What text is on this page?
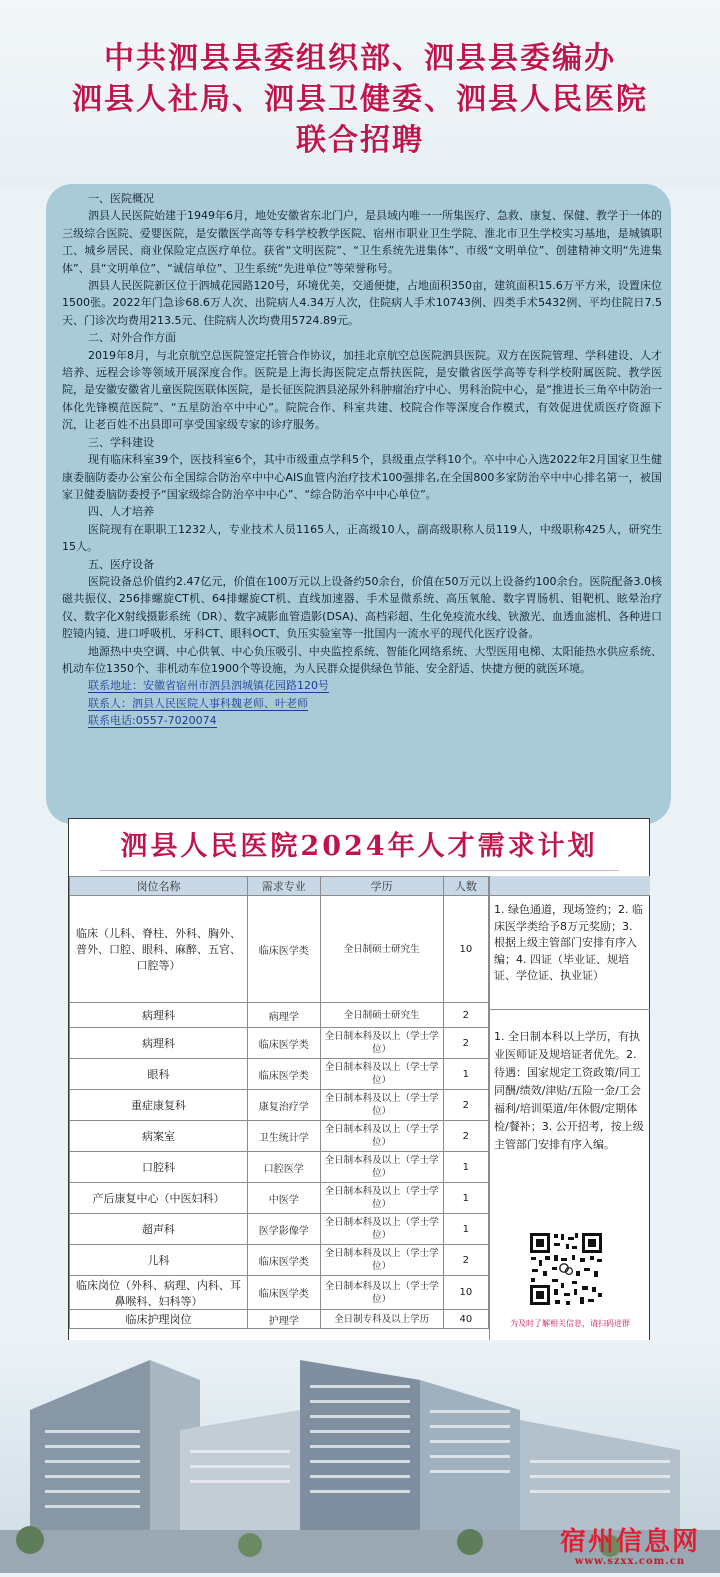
中共泗县县委组织部、泗县县委编办
泗县人社局、泗县卫健委、泗县人民医院
联合招聘

一、医院概况

泗县人民医院始建于1949年6月，地处安徽省东北门户，是县域内唯一一所集医疗、急救、康复、保健、教学于一体的三级综合医院、爱婴医院，是安徽医学高等专科学校教学医院、宿州市职业卫生学院、淮北市卫生学校实习基地，是城镇职工、城乡居民、商业保险定点医疗单位。获省“文明医院”、“卫生系统先进集体”、市级“文明单位”、创建精神文明“先进集体”、县“文明单位”、“诚信单位”、卫生系统“先进单位”等荣誉称号。

泗县人民医院新区位于泗城花园路120号，环境优美，交通便捷，占地面积350亩，建筑面积15.6万平方米，设置床位1500张。2022年门急诊68.6万人次、出院病人4.34万人次，住院病人手术10743例、四类手术5432例、平均住院日7.5天、门诊次均费用213.5元、住院病人次均费用5724.89元。

二、对外合作方面

2019年8月，与北京航空总医院签定托管合作协议，加挂北京航空总医院泗县医院。双方在医院管理、学科建设、人才培养、远程会诊等领域开展深度合作。医院是上海长海医院定点帮扶医院，是安徽省医学高等专科学校附属医院、教学医院，是安徽安徽省儿童医院医联体医院，是长征医院泗县泌尿外科肿瘤治疗中心、男科治院中心，是“推进长三角卒中防治一体化先锋模范医院”、“五星防治卒中中心”。院院合作、科室共建、校院合作等深度合作模式，有效促进优质医疗资源下沉，让老百姓不出县即可享受国家级专家的诊疗服务。

三、学科建设

现有临床科室39个，医技科室6个，其中市级重点学科5个，县级重点学科10个。卒中中心入选2022年2月国家卫生健康委脑防委办公室公布全国综合防治卒中中心AIS血管内治疗技术100强排名,在全国800多家防治卒中中心排名第一，被国家卫健委脑防委授予“国家级综合防治卒中中心”、“综合防治卒中中心单位”。

四、人才培养

医院现有在职职工1232人，专业技术人员1165人，正高级10人，副高级职称人员119人，中级职称425人，研究生15人。

五、医疗设备

医院设备总价值约2.47亿元，价值在100万元以上设备约50余台，价值在50万元以上设备约100余台。医院配备3.0核磁共振仪、256排螺旋CT机、64排螺旋CT机、直线加速器、手术显微系统、高压氧舱、数字胃肠机、钼靶机、眩晕治疗仪、数字化X射线摄影系统（DR）、数字减影血管造影(DSA)、高档彩超、生化免疫流水线、钬激光、血透血滤机、各种进口腔镜内镜、进口呼吸机、牙科CT、眼科OCT、负压实验室等一批国内一流水平的现代化医疗设备。

地源热中央空调、中心供氧、中心负压吸引、中央监控系统、智能化网络系统、大型医用电梯、太阳能热水供应系统、机动车位1350个、非机动车位1900个等设施，为人民群众提供绿色节能、安全舒适、快捷方便的就医环境。

联系地址：安徽省宿州市泗县泗城镇花园路120号

联系人：泗县人民医院人事科魏老师、叶老师

联系电话:0557-7020074

泗县人民医院2024年人才需求计划
岗位名称	需求专业	学历	人数
临床（儿科、脊柱、外科、胸外、普外、口腔、眼科、麻醉、五官、口腔等）	临床医学类	全日制硕士研究生	10
病理科	病理学	全日制硕士研究生	2
病理科	临床医学类	全日制本科及以上（学士学位）	2
眼科	临床医学类	全日制本科及以上（学士学位）	1
重症康复科	康复治疗学	全日制本科及以上（学士学位）	2
病案室	卫生统计学	全日制本科及以上（学士学位）	2
口腔科	口腔医学	全日制本科及以上（学士学位）	1
产后康复中心（中医妇科）	中医学	全日制本科及以上（学士学位）	1
超声科	医学影像学	全日制本科及以上（学士学位）	1
儿科	临床医学类	全日制本科及以上（学士学位）	2
临床岗位（外科、病理、内科、耳鼻喉科、妇科等）	临床医学类	全日制本科及以上（学士学位）	10
临床护理岗位	护理学	全日制专科及以上学历	40
1. 绿色通道，现场签约；2. 临床医学类给予8万元奖励；3. 根据上级主管部门安排有序入编；4. 四证（毕业证、规培证、学位证、执业证）
1. 全日制本科以上学历，有执业医师证及规培证者优先。2. 待遇：国家规定工资政策/同工同酬/绩效/津贴/五险一金/工会福利/培训渠道/年休假/定期体检/餐补；3. 公开招考，按上级主管部门安排有序入编。
为及时了解相关信息，请扫码进群
宿州信息网
www.szxx.com.cn
